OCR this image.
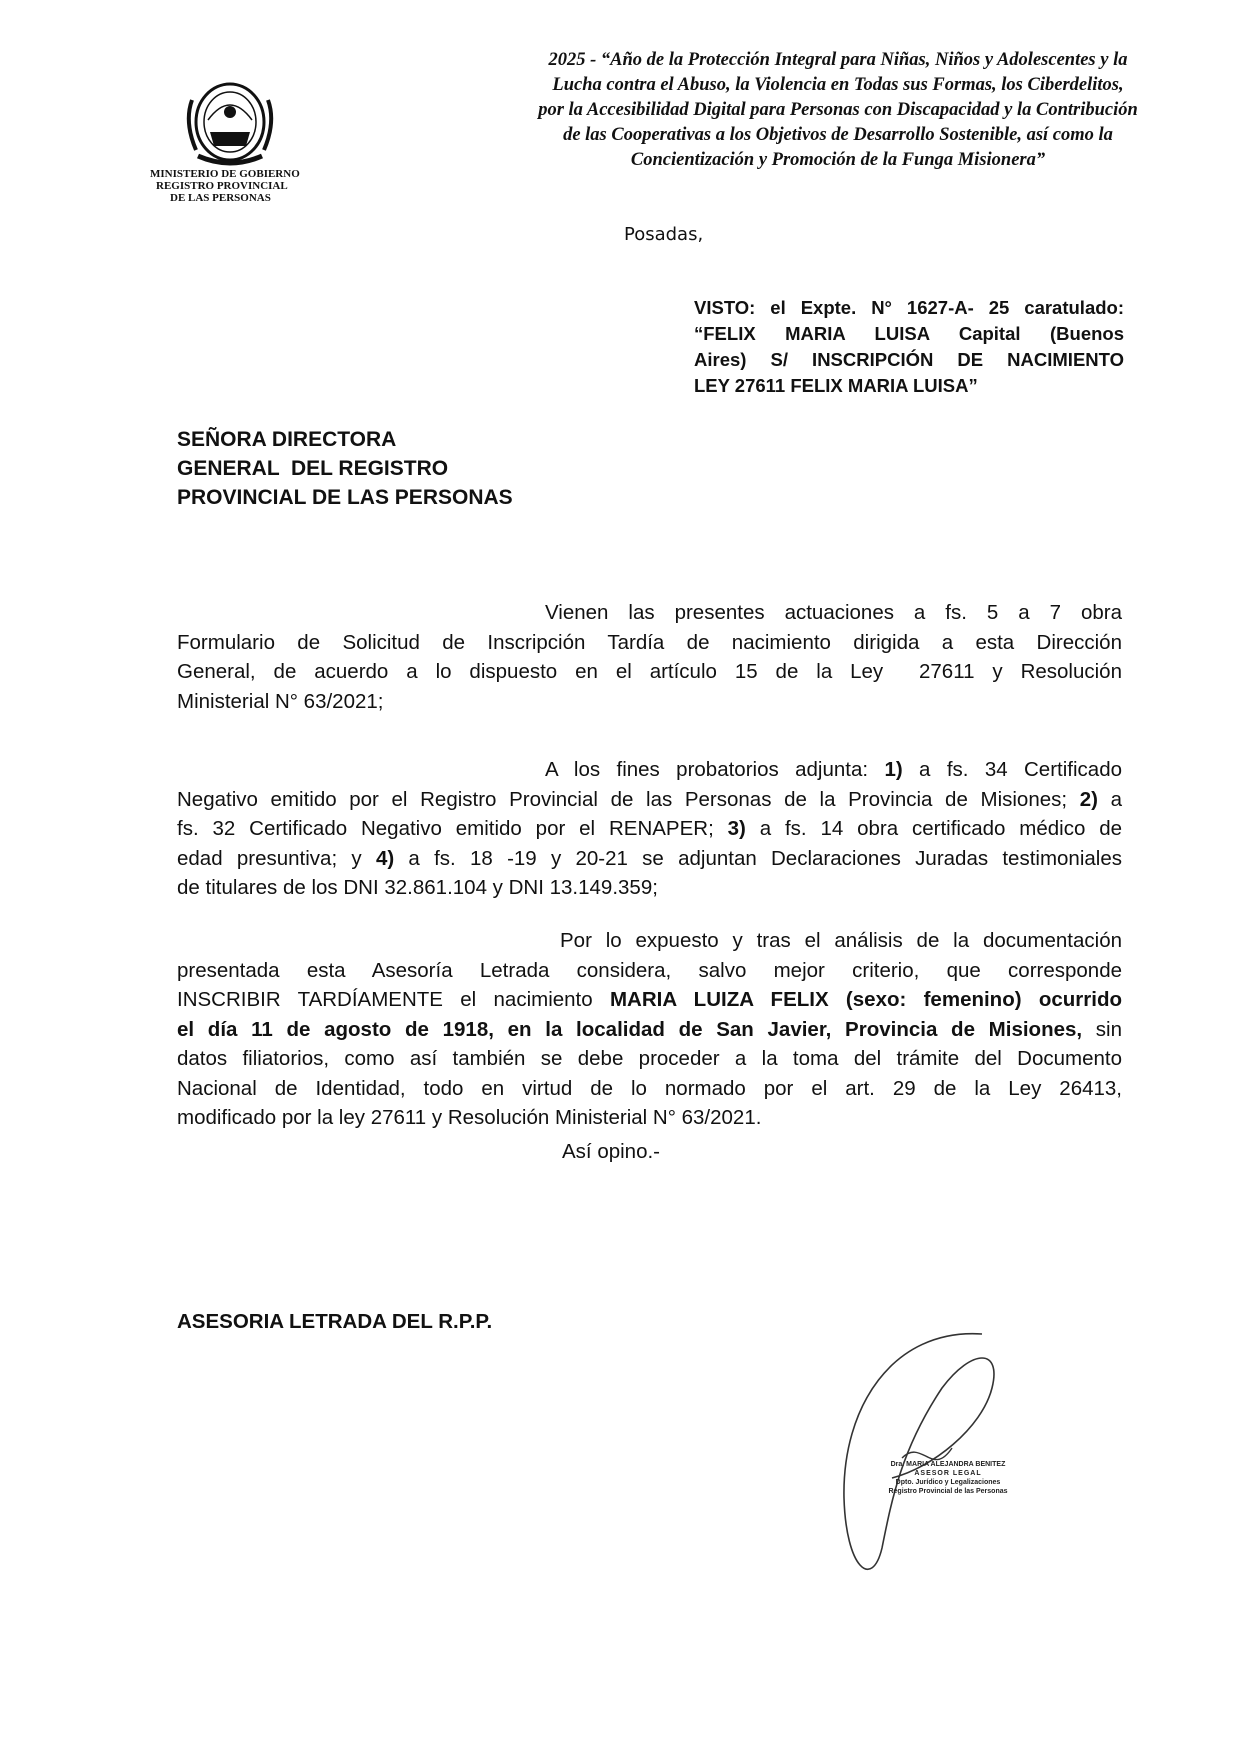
MINISTERIO DE GOBIERNO
REGISTRO PROVINCIAL
DE LAS PERSONAS
2025 - “Año de la Protección Integral para Niñas, Niños y Adolescentes y la
Lucha contra el Abuso, la Violencia en Todas sus Formas, los Ciberdelitos,
por la Accesibilidad Digital para Personas con Discapacidad y la Contribución
de las Cooperativas a los Objetivos de Desarrollo Sostenible, así como la
Concientización y Promoción de la Funga Misionera”
Posadas,
VISTO: el Expte. N° 1627-A- 25 caratulado:
“FELIX MARIA LUISA Capital (Buenos
Aires) S/ INSCRIPCIÓN DE NACIMIENTO
LEY 27611 FELIX MARIA LUISA”
SEÑORA DIRECTORA
GENERAL  DEL REGISTRO
PROVINCIAL DE LAS PERSONAS
Vienen las presentes actuaciones a fs. 5 a 7 obra
Formulario de Solicitud de Inscripción Tardía de nacimiento dirigida a esta Dirección
General, de acuerdo a lo dispuesto en el artículo 15 de la Ley  27611 y Resolución
Ministerial N° 63/2021;
A los fines probatorios adjunta: 1) a fs. 34 Certificado
Negativo emitido por el Registro Provincial de las Personas de la Provincia de Misiones; 2) a
fs. 32 Certificado Negativo emitido por el RENAPER; 3) a fs. 14 obra certificado médico de
edad presuntiva; y 4) a fs. 18 -19 y 20-21 se adjuntan Declaraciones Juradas testimoniales
de titulares de los DNI 32.861.104 y DNI 13.149.359;
Por lo expuesto y tras el análisis de la documentación
presentada esta Asesoría Letrada considera, salvo mejor criterio, que corresponde
INSCRIBIR TARDÍAMENTE el nacimiento MARIA LUIZA FELIX (sexo: femenino) ocurrido
el día 11 de agosto de 1918, en la localidad de San Javier, Provincia de Misiones, sin
datos filiatorios, como así también se debe proceder a la toma del trámite del Documento
Nacional de Identidad, todo en virtud de lo normado por el art. 29 de la Ley 26413,
modificado por la ley 27611 y Resolución Ministerial N° 63/2021.
Así opino.-
ASESORIA LETRADA DEL R.P.P.
Dra. MARIA ALEJANDRA BENITEZ
ASESOR LEGAL
Dpto. Jurídico y Legalizaciones
Registro Provincial de las Personas
